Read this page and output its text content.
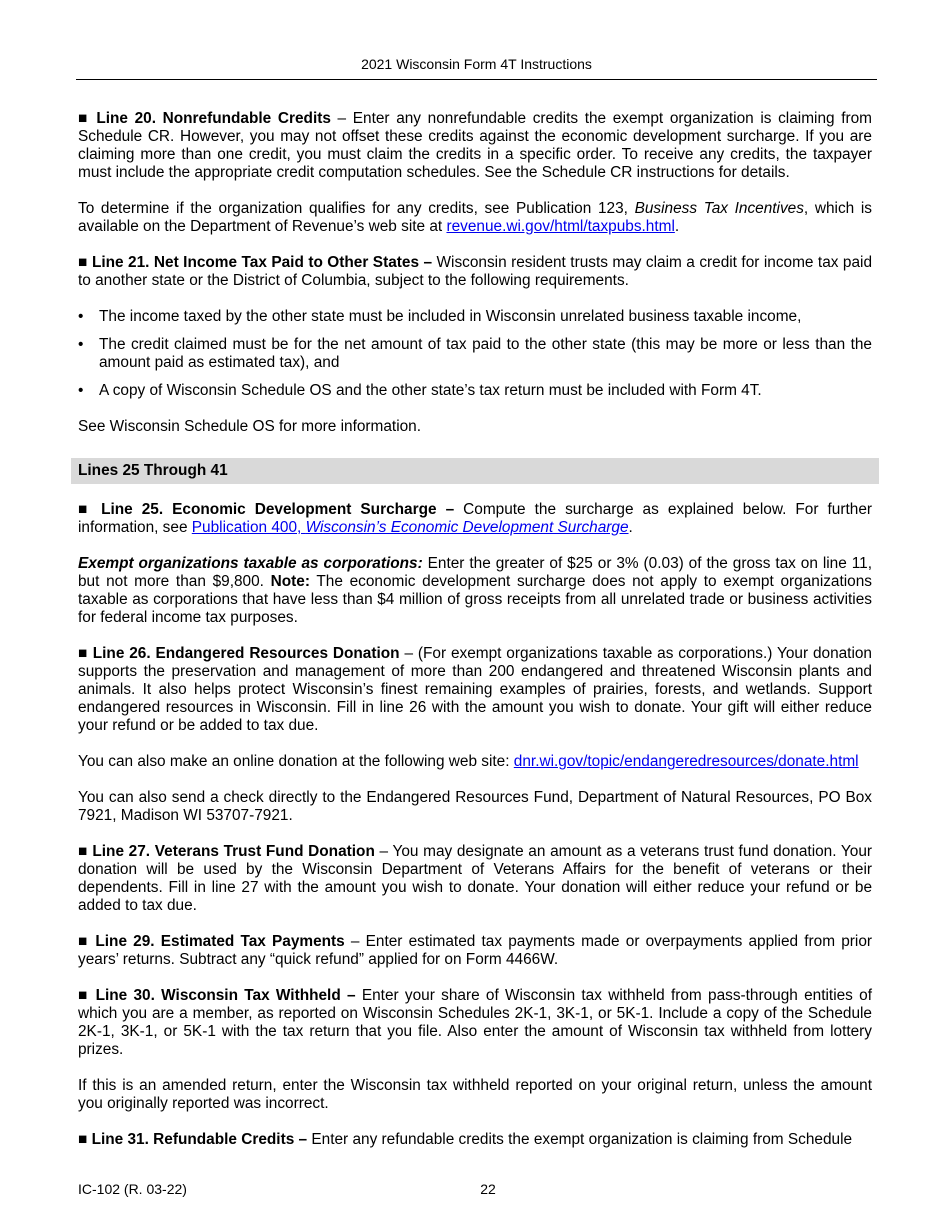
2021 Wisconsin Form 4T Instructions

■ Line 20. Nonrefundable Credits – Enter any nonrefundable credits the exempt organization is claiming from Schedule CR. However, you may not offset these credits against the economic development surcharge. If you are claiming more than one credit, you must claim the credits in a specific order. To receive any credits, the taxpayer must include the appropriate credit computation schedules. See the Schedule CR instructions for details.

To determine if the organization qualifies for any credits, see Publication 123, Business Tax Incentives, which is available on the Department of Revenue’s web site at revenue.wi.gov/html/taxpubs.html.

■ Line 21. Net Income Tax Paid to Other States – Wisconsin resident trusts may claim a credit for income tax paid to another state or the District of Columbia, subject to the following requirements.

• The income taxed by the other state must be included in Wisconsin unrelated business taxable income,
• The credit claimed must be for the net amount of tax paid to the other state (this may be more or less than the amount paid as estimated tax), and
• A copy of Wisconsin Schedule OS and the other state’s tax return must be included with Form 4T.

See Wisconsin Schedule OS for more information.

Lines 25 Through 41

■ Line 25. Economic Development Surcharge – Compute the surcharge as explained below. For further information, see Publication 400, Wisconsin’s Economic Development Surcharge.

Exempt organizations taxable as corporations: Enter the greater of $25 or 3% (0.03) of the gross tax on line 11, but not more than $9,800. Note: The economic development surcharge does not apply to exempt organizations taxable as corporations that have less than $4 million of gross receipts from all unrelated trade or business activities for federal income tax purposes.

■ Line 26. Endangered Resources Donation – (For exempt organizations taxable as corporations.) Your donation supports the preservation and management of more than 200 endangered and threatened Wisconsin plants and animals. It also helps protect Wisconsin’s finest remaining examples of prairies, forests, and wetlands. Support endangered resources in Wisconsin. Fill in line 26 with the amount you wish to donate. Your gift will either reduce your refund or be added to tax due.

You can also make an online donation at the following web site: dnr.wi.gov/topic/endangeredresources/donate.html

You can also send a check directly to the Endangered Resources Fund, Department of Natural Resources, PO Box 7921, Madison WI 53707-7921.

■ Line 27. Veterans Trust Fund Donation – You may designate an amount as a veterans trust fund donation. Your donation will be used by the Wisconsin Department of Veterans Affairs for the benefit of veterans or their dependents. Fill in line 27 with the amount you wish to donate. Your donation will either reduce your refund or be added to tax due.

■ Line 29. Estimated Tax Payments – Enter estimated tax payments made or overpayments applied from prior years’ returns. Subtract any “quick refund” applied for on Form 4466W.

■ Line 30. Wisconsin Tax Withheld – Enter your share of Wisconsin tax withheld from pass-through entities of which you are a member, as reported on Wisconsin Schedules 2K-1, 3K-1, or 5K-1. Include a copy of the Schedule 2K-1, 3K-1, or 5K-1 with the tax return that you file. Also enter the amount of Wisconsin tax withheld from lottery prizes.

If this is an amended return, enter the Wisconsin tax withheld reported on your original return, unless the amount you originally reported was incorrect.

■ Line 31. Refundable Credits – Enter any refundable credits the exempt organization is claiming from Schedule

IC-102 (R. 03-22)	22
